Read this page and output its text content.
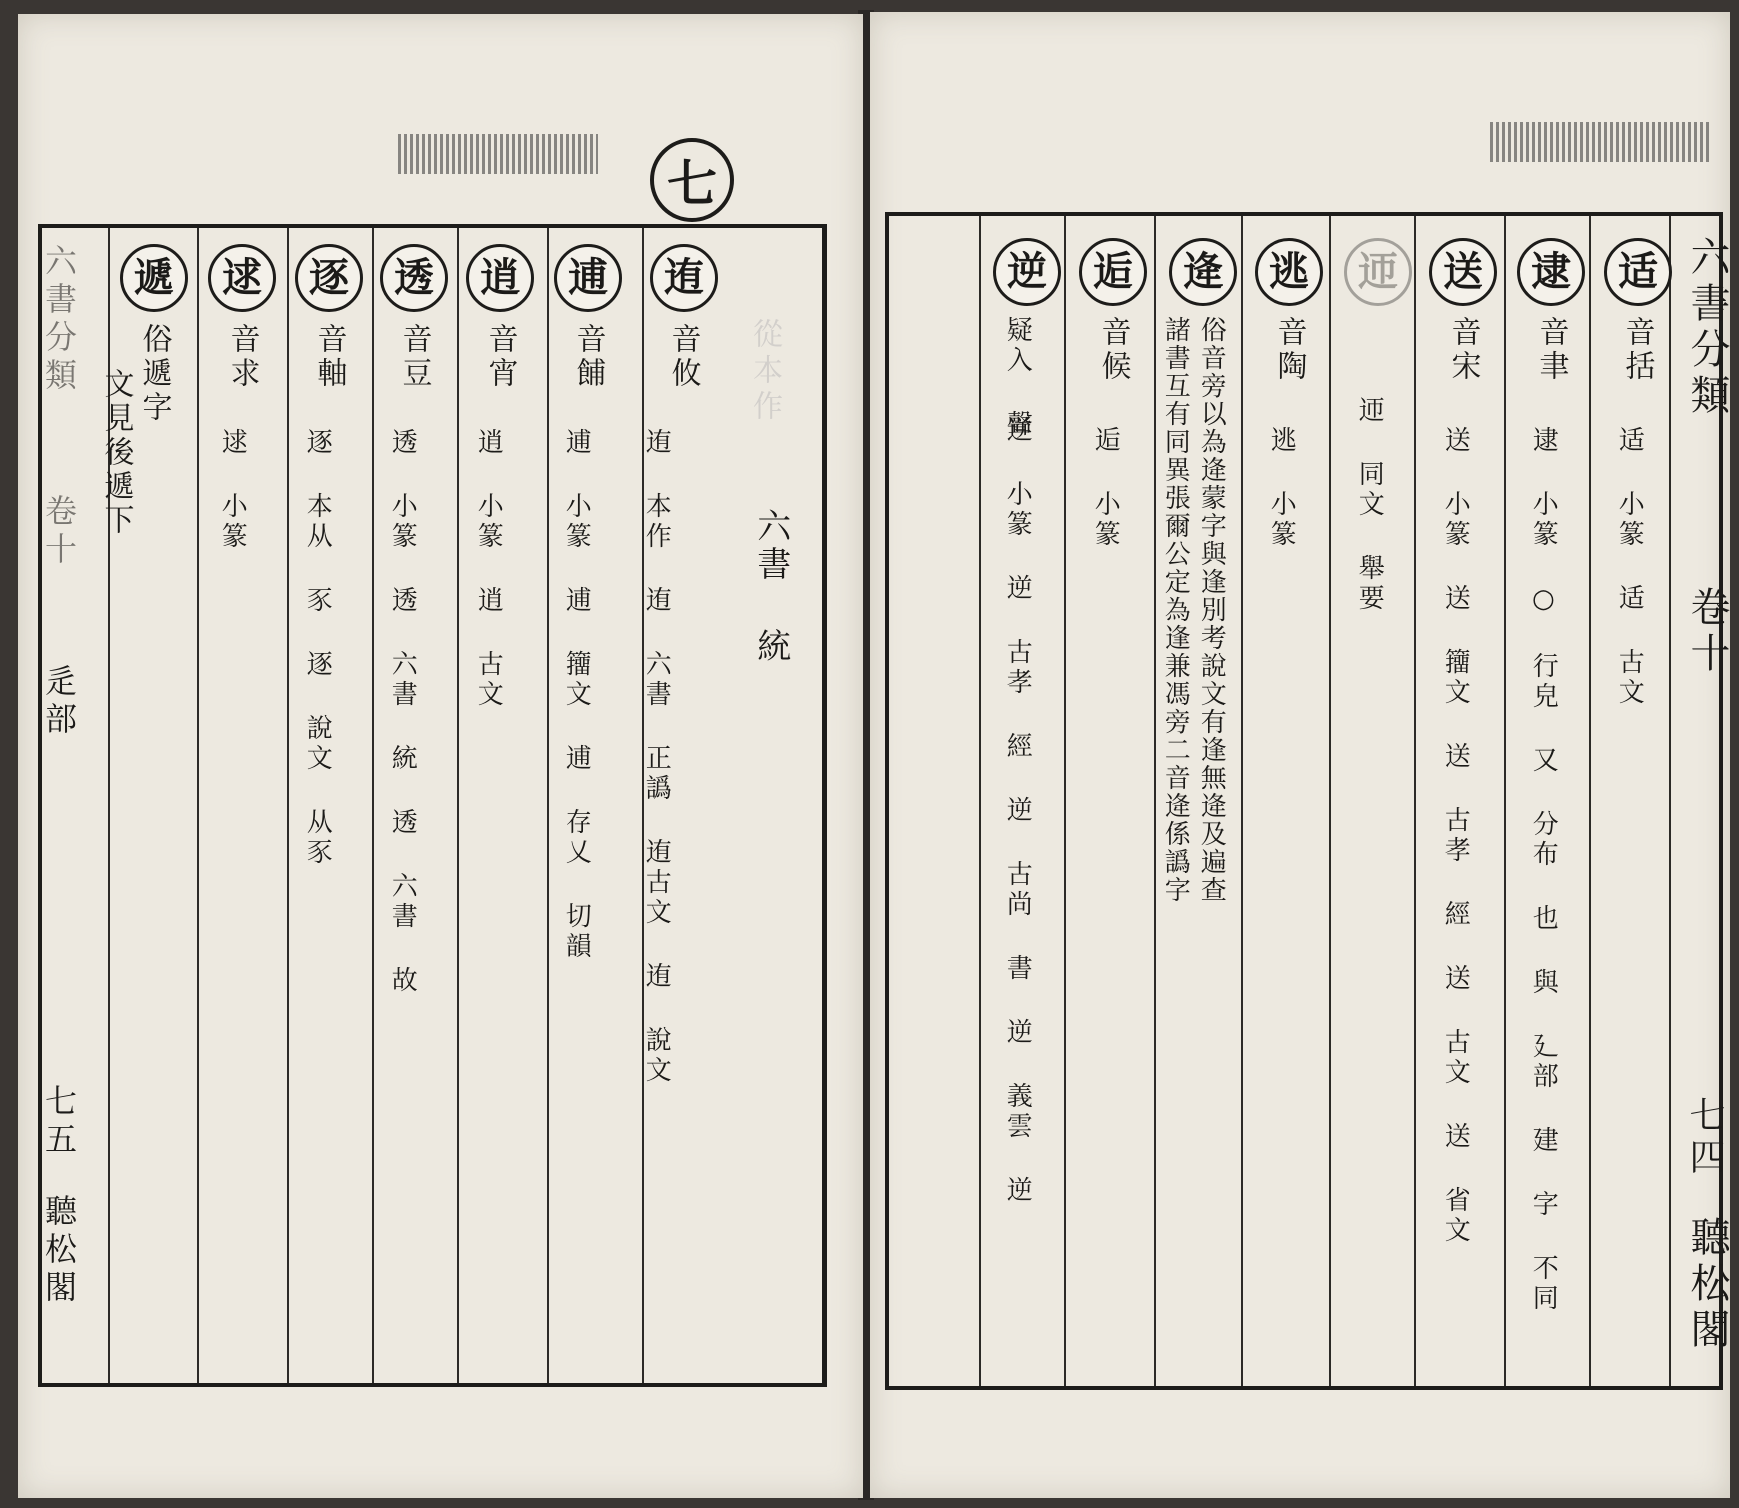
七
從本作
迶
音攸
迶 本作 迶 六書 正譌 迶古文 迶 說文 六書 統
逋
音餔
逋 小篆 逋 籒文 逋 存乂 切韻
逍
音宵
逍 小篆 逍 古文
透
音豆
透 小篆 透 六書 統 透 六書 故
逐
音軸
逐 本从 豕 逐 說文 从豕
逑
音求
逑 小篆
遞
俗遞字
文見後遞下
六書分類
卷十
辵部
七五
聽松閣
适
音括
适 小篆 适 古文
逮
音聿
逮 小篆 ○ 行皃 又 分布 也 與 廴部 建 字 不同
送
音宋
送 小篆 送 籒文 送 古孝 經 送 古文 送 省文
迊
迊 同文 舉要
逃
音陶
逃 小篆
逄
俗音旁以為逄蒙字與逢別考說文有逢無逄及遍查
諸書互有同異張爾公定為逢兼馮旁二音逄係譌字
逅
音候
逅 小篆
逆
疑入 聲
逆 小篆 逆 古孝 經 逆 古尚 書 逆 義雲 逆
六書分類
卷十
七四
聽松閣
